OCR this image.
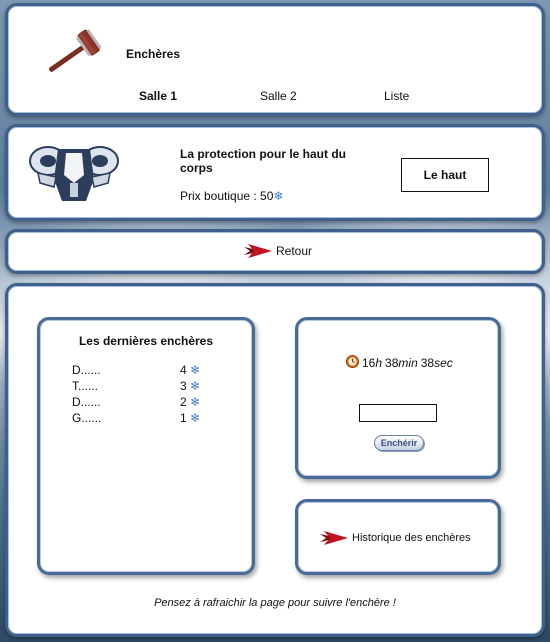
Enchères
Salle 1	Salle 2	Liste
La protection pour le haut du corps
Prix boutique : 50❄
Le haut
Retour
Les dernières enchères
D......	4 ❄
T......	3 ❄
D......	2 ❄
G......	1 ❄
16 h 38 min 38 sec
Enchérir
Historique des enchères
Pensez à rafraichir la page pour suivre l'enchère !
